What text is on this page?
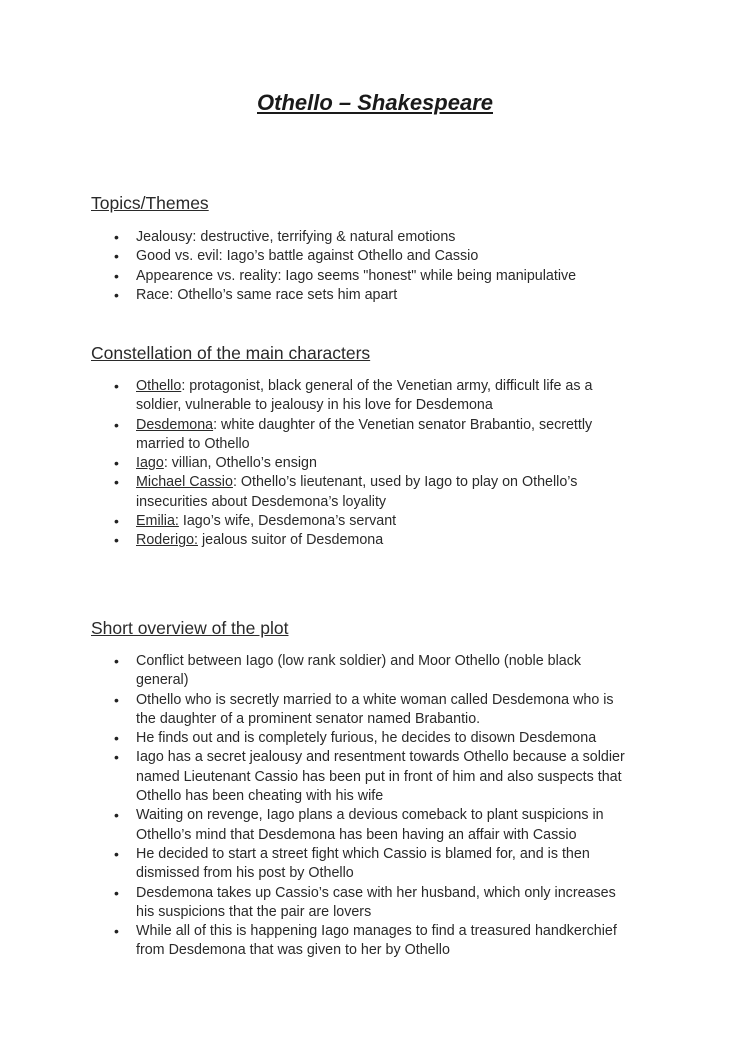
Othello – Shakespeare
Topics/Themes
• Jealousy: destructive, terrifying & natural emotions
• Good vs. evil: Iago’s battle against Othello and Cassio
• Appearence vs. reality: Iago seems "honest" while being manipulative
• Race: Othello’s same race sets him apart
Constellation of the main characters
• Othello: protagonist, black general of the Venetian army, difficult life as a soldier, vulnerable to jealousy in his love for Desdemona
• Desdemona: white daughter of the Venetian senator Brabantio, secrettly married to Othello
• Iago: villian, Othello’s ensign
• Michael Cassio: Othello’s lieutenant, used by Iago to play on Othello’s insecurities about Desdemona’s loyality
• Emilia: Iago’s wife, Desdemona’s servant
• Roderigo: jealous suitor of Desdemona
Short overview of the plot
• Conflict between Iago (low rank soldier) and Moor Othello (noble black general)
• Othello who is secretly married to a white woman called Desdemona who is the daughter of a prominent senator named Brabantio.
• He finds out and is completely furious, he decides to disown Desdemona
• Iago has a secret jealousy and resentment towards Othello because a soldier named Lieutenant Cassio has been put in front of him and also suspects that Othello has been cheating with his wife
• Waiting on revenge, Iago plans a devious comeback to plant suspicions in Othello’s mind that Desdemona has been having an affair with Cassio
• He decided to start a street fight which Cassio is blamed for, and is then dismissed from his post by Othello
• Desdemona takes up Cassio’s case with her husband, which only increases his suspicions that the pair are lovers
• While all of this is happening Iago manages to find a treasured handkerchief from Desdemona that was given to her by Othello
